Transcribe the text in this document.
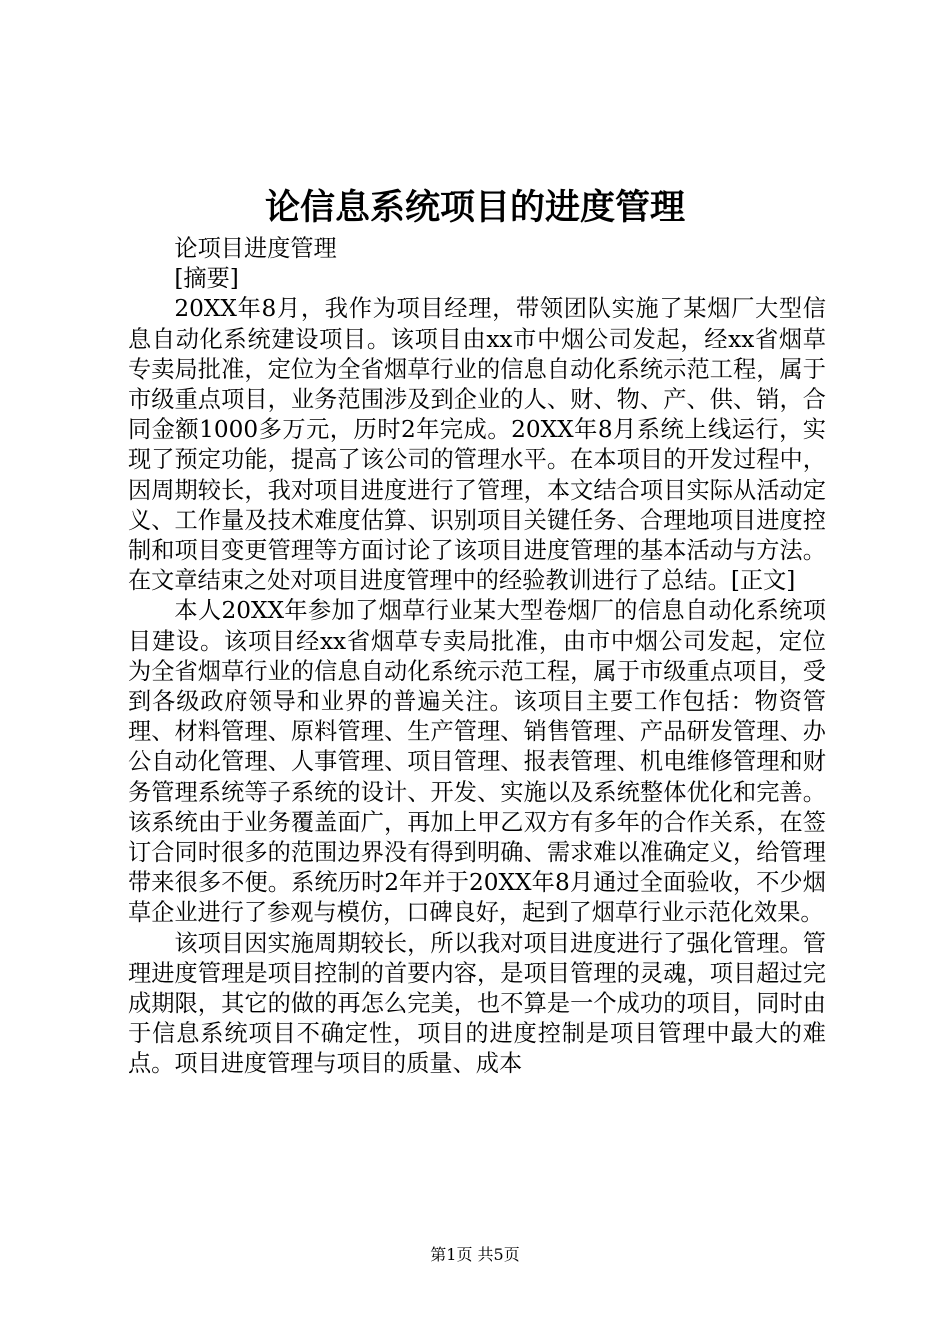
论信息系统项目的进度管理

论项目进度管理

[摘要]

20XX年8月，我作为项目经理，带领团队实施了某烟厂大型信息自动化系统建设项目。该项目由xx市中烟公司发起，经xx省烟草专卖局批准，定位为全省烟草行业的信息自动化系统示范工程，属于市级重点项目，业务范围涉及到企业的人、财、物、产、供、销，合同金额1000多万元，历时2年完成。20XX年8月系统上线运行，实现了预定功能，提高了该公司的管理水平。在本项目的开发过程中，因周期较长，我对项目进度进行了管理，本文结合项目实际从活动定义、工作量及技术难度估算、识别项目关键任务、合理地项目进度控制和项目变更管理等方面讨论了该项目进度管理的基本活动与方法。在文章结束之处对项目进度管理中的经验教训进行了总结。[正文]

本人20XX年参加了烟草行业某大型卷烟厂的信息自动化系统项目建设。该项目经xx省烟草专卖局批准，由市中烟公司发起，定位为全省烟草行业的信息自动化系统示范工程，属于市级重点项目，受到各级政府领导和业界的普遍关注。该项目主要工作包括：物资管理、材料管理、原料管理、生产管理、销售管理、产品研发管理、办公自动化管理、人事管理、项目管理、报表管理、机电维修管理和财务管理系统等子系统的设计、开发、实施以及系统整体优化和完善。该系统由于业务覆盖面广，再加上甲乙双方有多年的合作关系，在签订合同时很多的范围边界没有得到明确、需求难以准确定义，给管理带来很多不便。系统历时2年并于20XX年8月通过全面验收，不少烟草企业进行了参观与模仿，口碑良好，起到了烟草行业示范化效果。

该项目因实施周期较长，所以我对项目进度进行了强化管理。管理进度管理是项目控制的首要内容，是项目管理的灵魂，项目超过完成期限，其它的做的再怎么完美，也不算是一个成功的项目，同时由于信息系统项目不确定性，项目的进度控制是项目管理中最大的难点。项目进度管理与项目的质量、成本

第1页 共5页
